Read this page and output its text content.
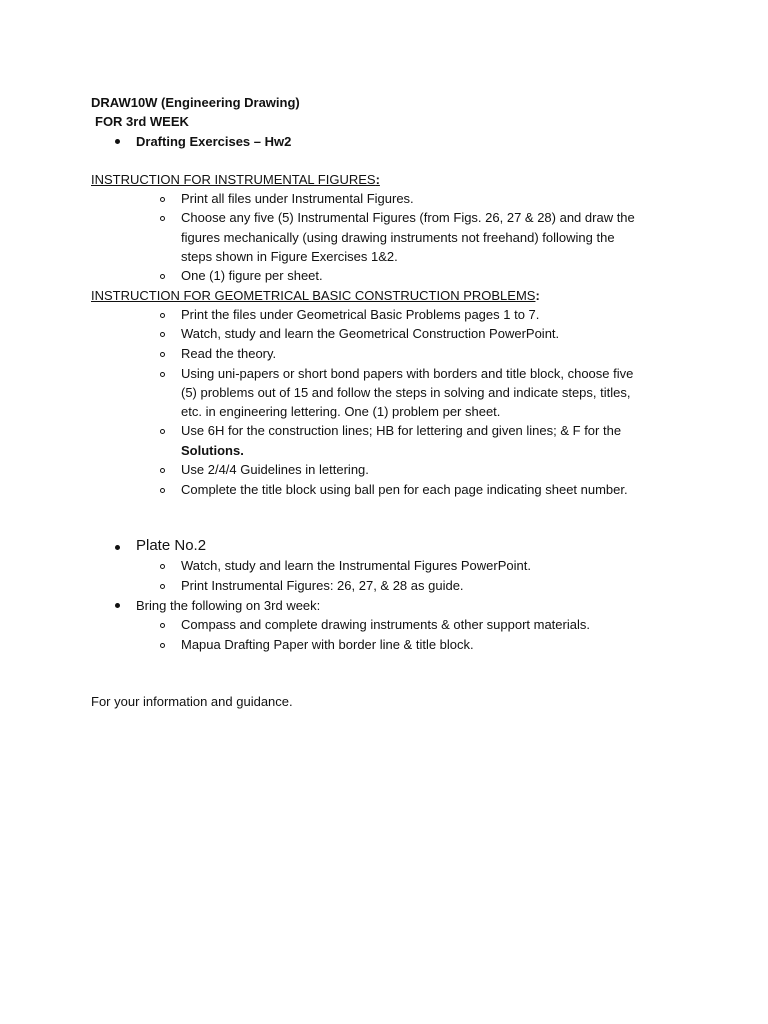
DRAW10W (Engineering Drawing)
FOR 3rd WEEK
Drafting Exercises – Hw2
INSTRUCTION FOR INSTRUMENTAL FIGURES:
Print all files under Instrumental Figures.
Choose any five (5) Instrumental Figures (from Figs. 26, 27 & 28) and draw the
figures mechanically (using drawing instruments not freehand) following the
steps shown in Figure Exercises 1&2.
One (1) figure per sheet.
INSTRUCTION FOR GEOMETRICAL BASIC CONSTRUCTION PROBLEMS:
Print the files under Geometrical Basic Problems pages 1 to 7.
Watch, study and learn the Geometrical Construction PowerPoint.
Read the theory.
Using uni-papers or short bond papers with borders and title block, choose five
(5) problems out of 15 and follow the steps in solving and indicate steps, titles,
etc. in engineering lettering. One (1) problem per sheet.
Use 6H for the construction lines; HB for lettering and given lines; & F for the
Solutions.
Use 2/4/4 Guidelines in lettering.
Complete the title block using ball pen for each page indicating sheet number.
Plate No.2
Watch, study and learn the Instrumental Figures PowerPoint.
Print Instrumental Figures: 26, 27, & 28 as guide.
Bring the following on 3rd week:
Compass and complete drawing instruments & other support materials.
Mapua Drafting Paper with border line & title block.
For your information and guidance.
